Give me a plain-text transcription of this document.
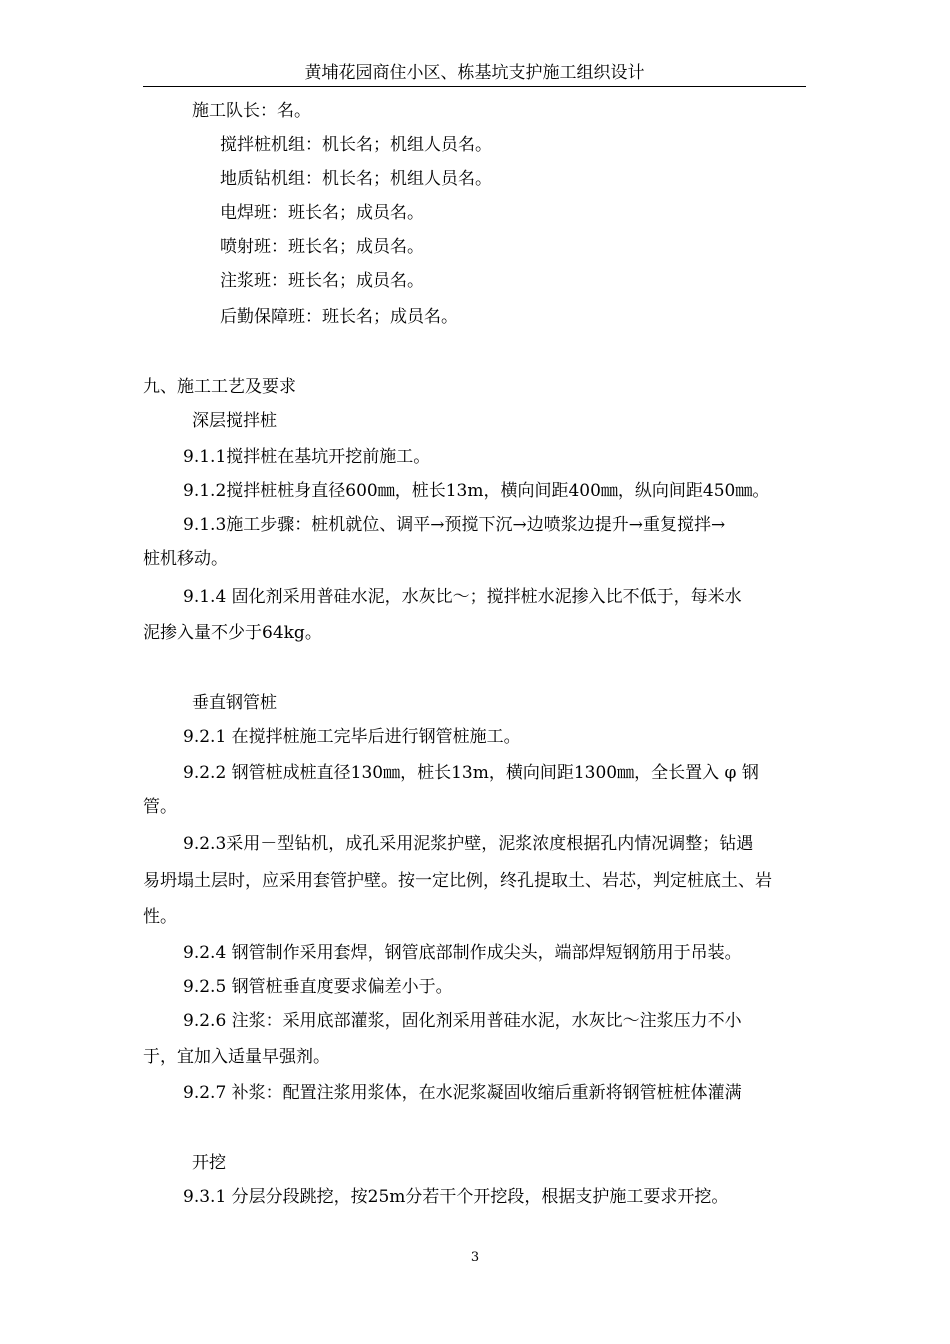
黄埔花园商住小区、栋基坑支护施工组织设计
施工队长：名。
搅拌桩机组：机长名；机组人员名。
地质钻机组：机长名；机组人员名。
电焊班：班长名；成员名。
喷射班：班长名；成员名。
注浆班：班长名；成员名。
后勤保障班：班长名；成员名。
九、施工工艺及要求
深层搅拌桩
9.1.1搅拌桩在基坑开挖前施工。
9.1.2搅拌桩桩身直径600㎜，桩长13m，横向间距400㎜，纵向间距450㎜。
9.1.3施工步骤：桩机就位、调平→预搅下沉→边喷浆边提升→重复搅拌→
桩机移动。
9.1.4 固化剂采用普硅水泥，水灰比～；搅拌桩水泥掺入比不低于，每米水
泥掺入量不少于64kg。
垂直钢管桩
9.2.1 在搅拌桩施工完毕后进行钢管桩施工。
9.2.2 钢管桩成桩直径130㎜，桩长13m，横向间距1300㎜，全长置入 φ 钢
管。
9.2.3采用－型钻机，成孔采用泥浆护壁，泥浆浓度根据孔内情况调整；钻遇
易坍塌土层时，应采用套管护壁。按一定比例，终孔提取土、岩芯，判定桩底土、岩
性。
9.2.4 钢管制作采用套焊，钢管底部制作成尖头，端部焊短钢筋用于吊装。
9.2.5 钢管桩垂直度要求偏差小于。
9.2.6 注浆：采用底部灌浆，固化剂采用普硅水泥，水灰比～注浆压力不小
于，宜加入适量早强剂。
9.2.7 补浆：配置注浆用浆体，在水泥浆凝固收缩后重新将钢管桩桩体灌满
开挖
9.3.1 分层分段跳挖，按25m分若干个开挖段，根据支护施工要求开挖。
3
